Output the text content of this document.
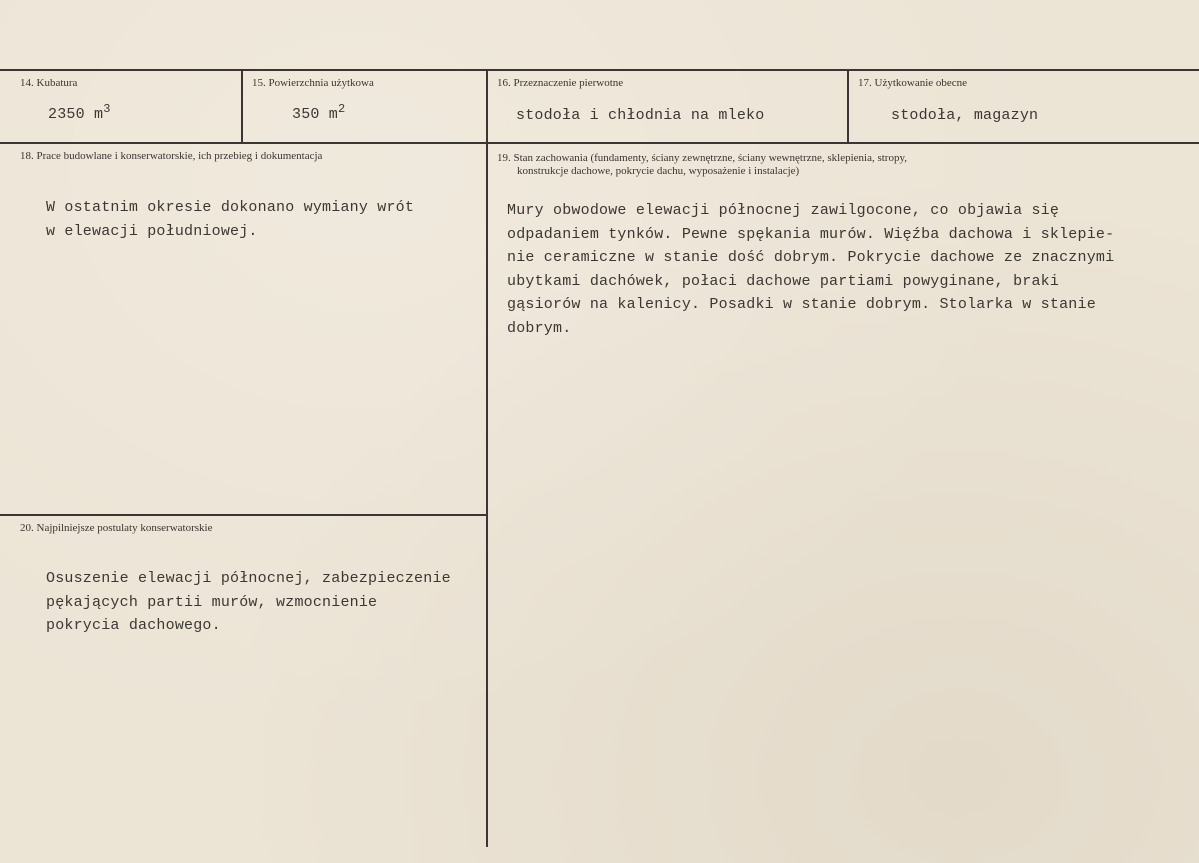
14. Kubatura
2350 $m^3$
15. Powierzchnia użytkowa
350 $m^2$
16. Przeznaczenie pierwotne
stodoła i chłodnia na mleko
17. Użytkowanie obecne
stodoła, magazyn
18. Prace budowlane i konserwatorskie, ich przebieg i dokumentacja
W ostatnim okresie dokonano wymiany wrót
w elewacji południowej.
19. Stan zachowania (fundamenty, ściany zewnętrzne, ściany wewnętrzne, sklepienia, stropy,
konstrukcje dachowe, pokrycie dachu, wyposażenie i instalacje)
Mury obwodowe elewacji północnej zawilgocone, co objawia się
odpadaniem tynków. Pewne spękania murów. Więźba dachowa i sklepie-
nie ceramiczne w stanie dość dobrym. Pokrycie dachowe ze znacznymi
ubytkami dachówek, połaci dachowe partiami powyginane, braki
gąsiorów na kalenicy. Posadki w stanie dobrym. Stolarka w stanie
dobrym.
20. Najpilniejsze postulaty konserwatorskie
Osuszenie elewacji północnej, zabezpieczenie
pękających partii murów, wzmocnienie
pokrycia dachowego.
